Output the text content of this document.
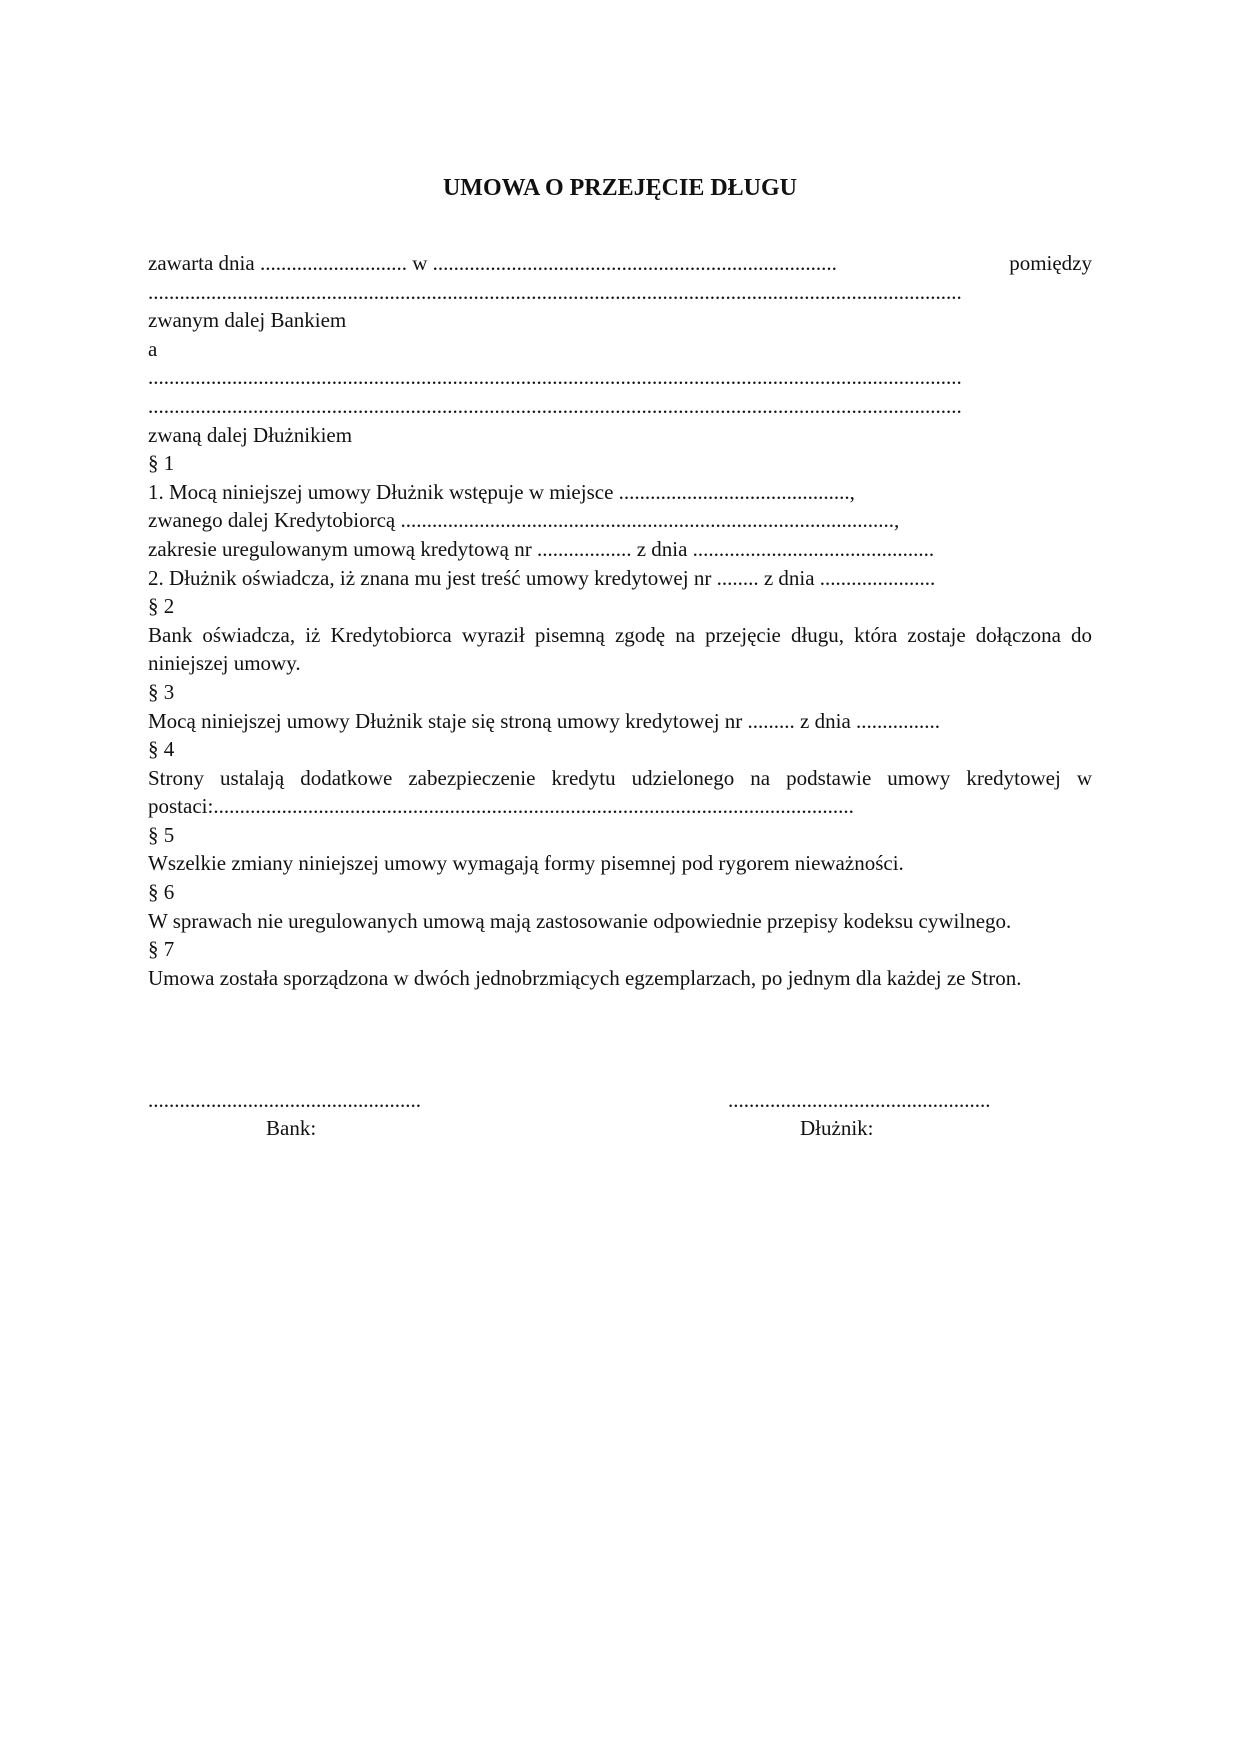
UMOWA O PRZEJĘCIE DŁUGU
zawarta dnia
............................
w
.............................................................................
	pomiędzy

...........................................................................................................................................................

zwanym dalej Bankiem

a

...........................................................................................................................................................

...........................................................................................................................................................

zwaną dalej Dłużnikiem

§ 1

1. Mocą niniejszej umowy Dłużnik wstępuje w miejsce ............................................,

zwanego dalej Kredytobiorcą ..............................................................................................,

zakresie uregulowanym umową kredytową nr .................. z dnia ..............................................

2. Dłużnik oświadcza, iż znana mu jest treść umowy kredytowej nr ........ z dnia ......................

§ 2

Bank oświadcza, iż Kredytobiorca wyraził pisemną zgodę na przejęcie długu, która zostaje dołączona do niniejszej umowy.

§ 3

Mocą niniejszej umowy Dłużnik staje się stroną umowy kredytowej nr ......... z dnia ................

§ 4

Strony ustalają dodatkowe zabezpieczenie kredytu udzielonego na podstawie umowy kredytowej w postaci:..........................................................................................................................

§ 5

Wszelkie zmiany niniejszej umowy wymagają formy pisemnej pod rygorem nieważności.

§ 6

W sprawach nie uregulowanych umową mają zastosowanie odpowiednie przepisy kodeksu cywilnego.

§ 7

Umowa została sporządzona w dwóch jednobrzmiących egzemplarzach, po jednym dla każdej ze Stron.

....................................................	..................................................
Bank:	Dłużnik:
